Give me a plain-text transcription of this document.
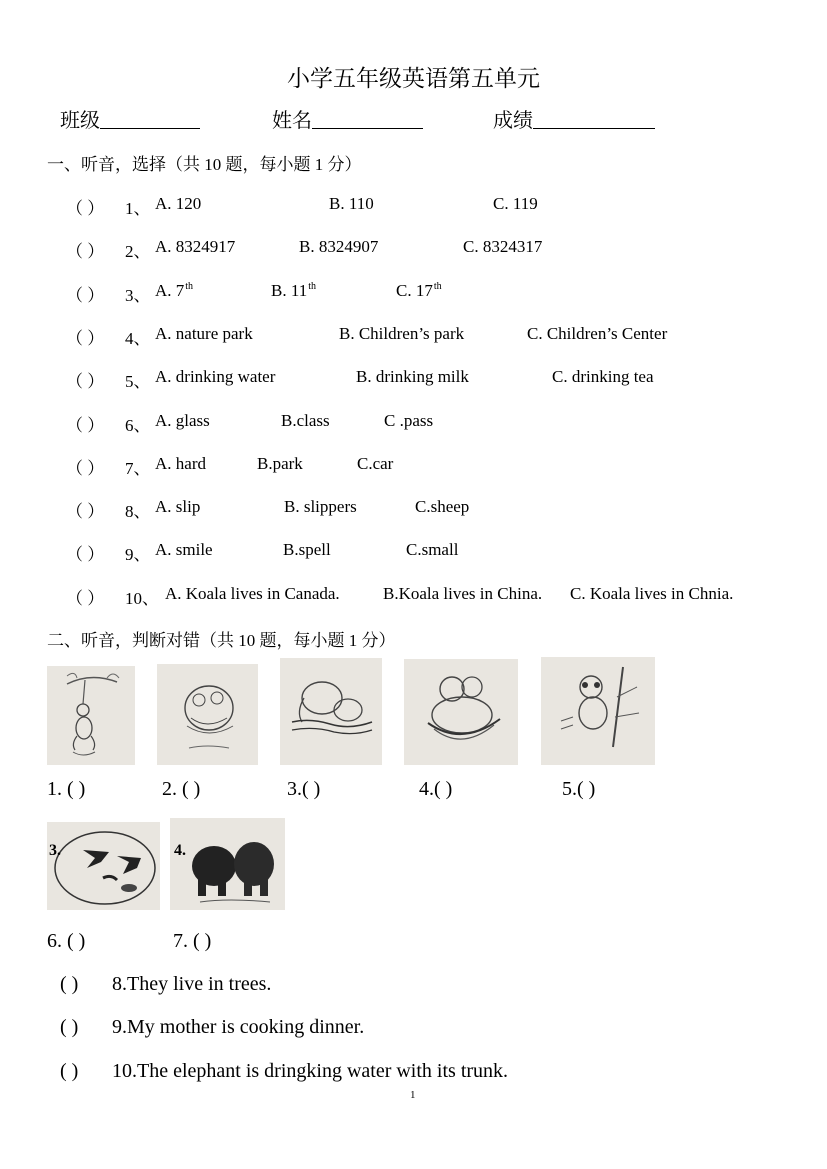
小学五年级英语第五单元
班级	姓名	成绩
一、听音，选择（共 10 题，每小题 1 分）
（ ） 1、 A. 120	B. 110	C. 119
（ ） 2、 A. 8324917	B. 8324907	C. 8324317
（ ） 3、 A. 7th	B. 11th	C. 17th
（ ） 4、 A. nature park	B. Children’s park	C. Children’s Center
（ ） 5、 A. drinking water	B. drinking milk	C. drinking tea
（ ） 6、 A. glass	B.class	C .pass
（ ） 7、 A. hard	B.park	C.car
（ ） 8、 A. slip	B. slippers	C.sheep
（ ） 9、 A. smile	B.spell	C.small
（ ） 10、 A. Koala lives in Canada.	B.Koala lives in China. C. Koala lives in Chnia.
二、听音，判断对错（共 10 题，每小题 1 分）
1. ( )	2. ( )	3.( )	4.( )	5.( )
3.	4.
6. ( )	7. ( )
( ) 8.They live in trees.
( ) 9.My mother is cooking dinner.
( ) 10.The elephant is dringking water with its trunk.
1
